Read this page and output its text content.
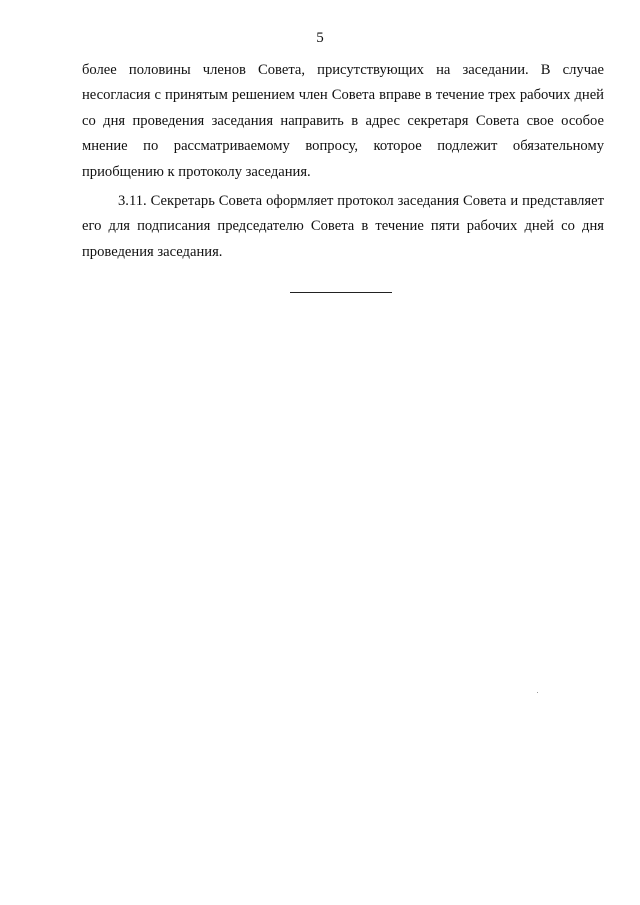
5

более половины членов Совета, присутствующих на заседании. В случае несогласия с принятым решением член Совета вправе в течение трех рабочих дней со дня проведения заседания направить в адрес секретаря Совета свое особое мнение по рассматриваемому вопросу, которое подлежит обязательному приобщению к протоколу заседания.

3.11. Секретарь Совета оформляет протокол заседания Совета и представляет его для подписания председателю Совета в течение пяти рабочих дней со дня проведения заседания.
